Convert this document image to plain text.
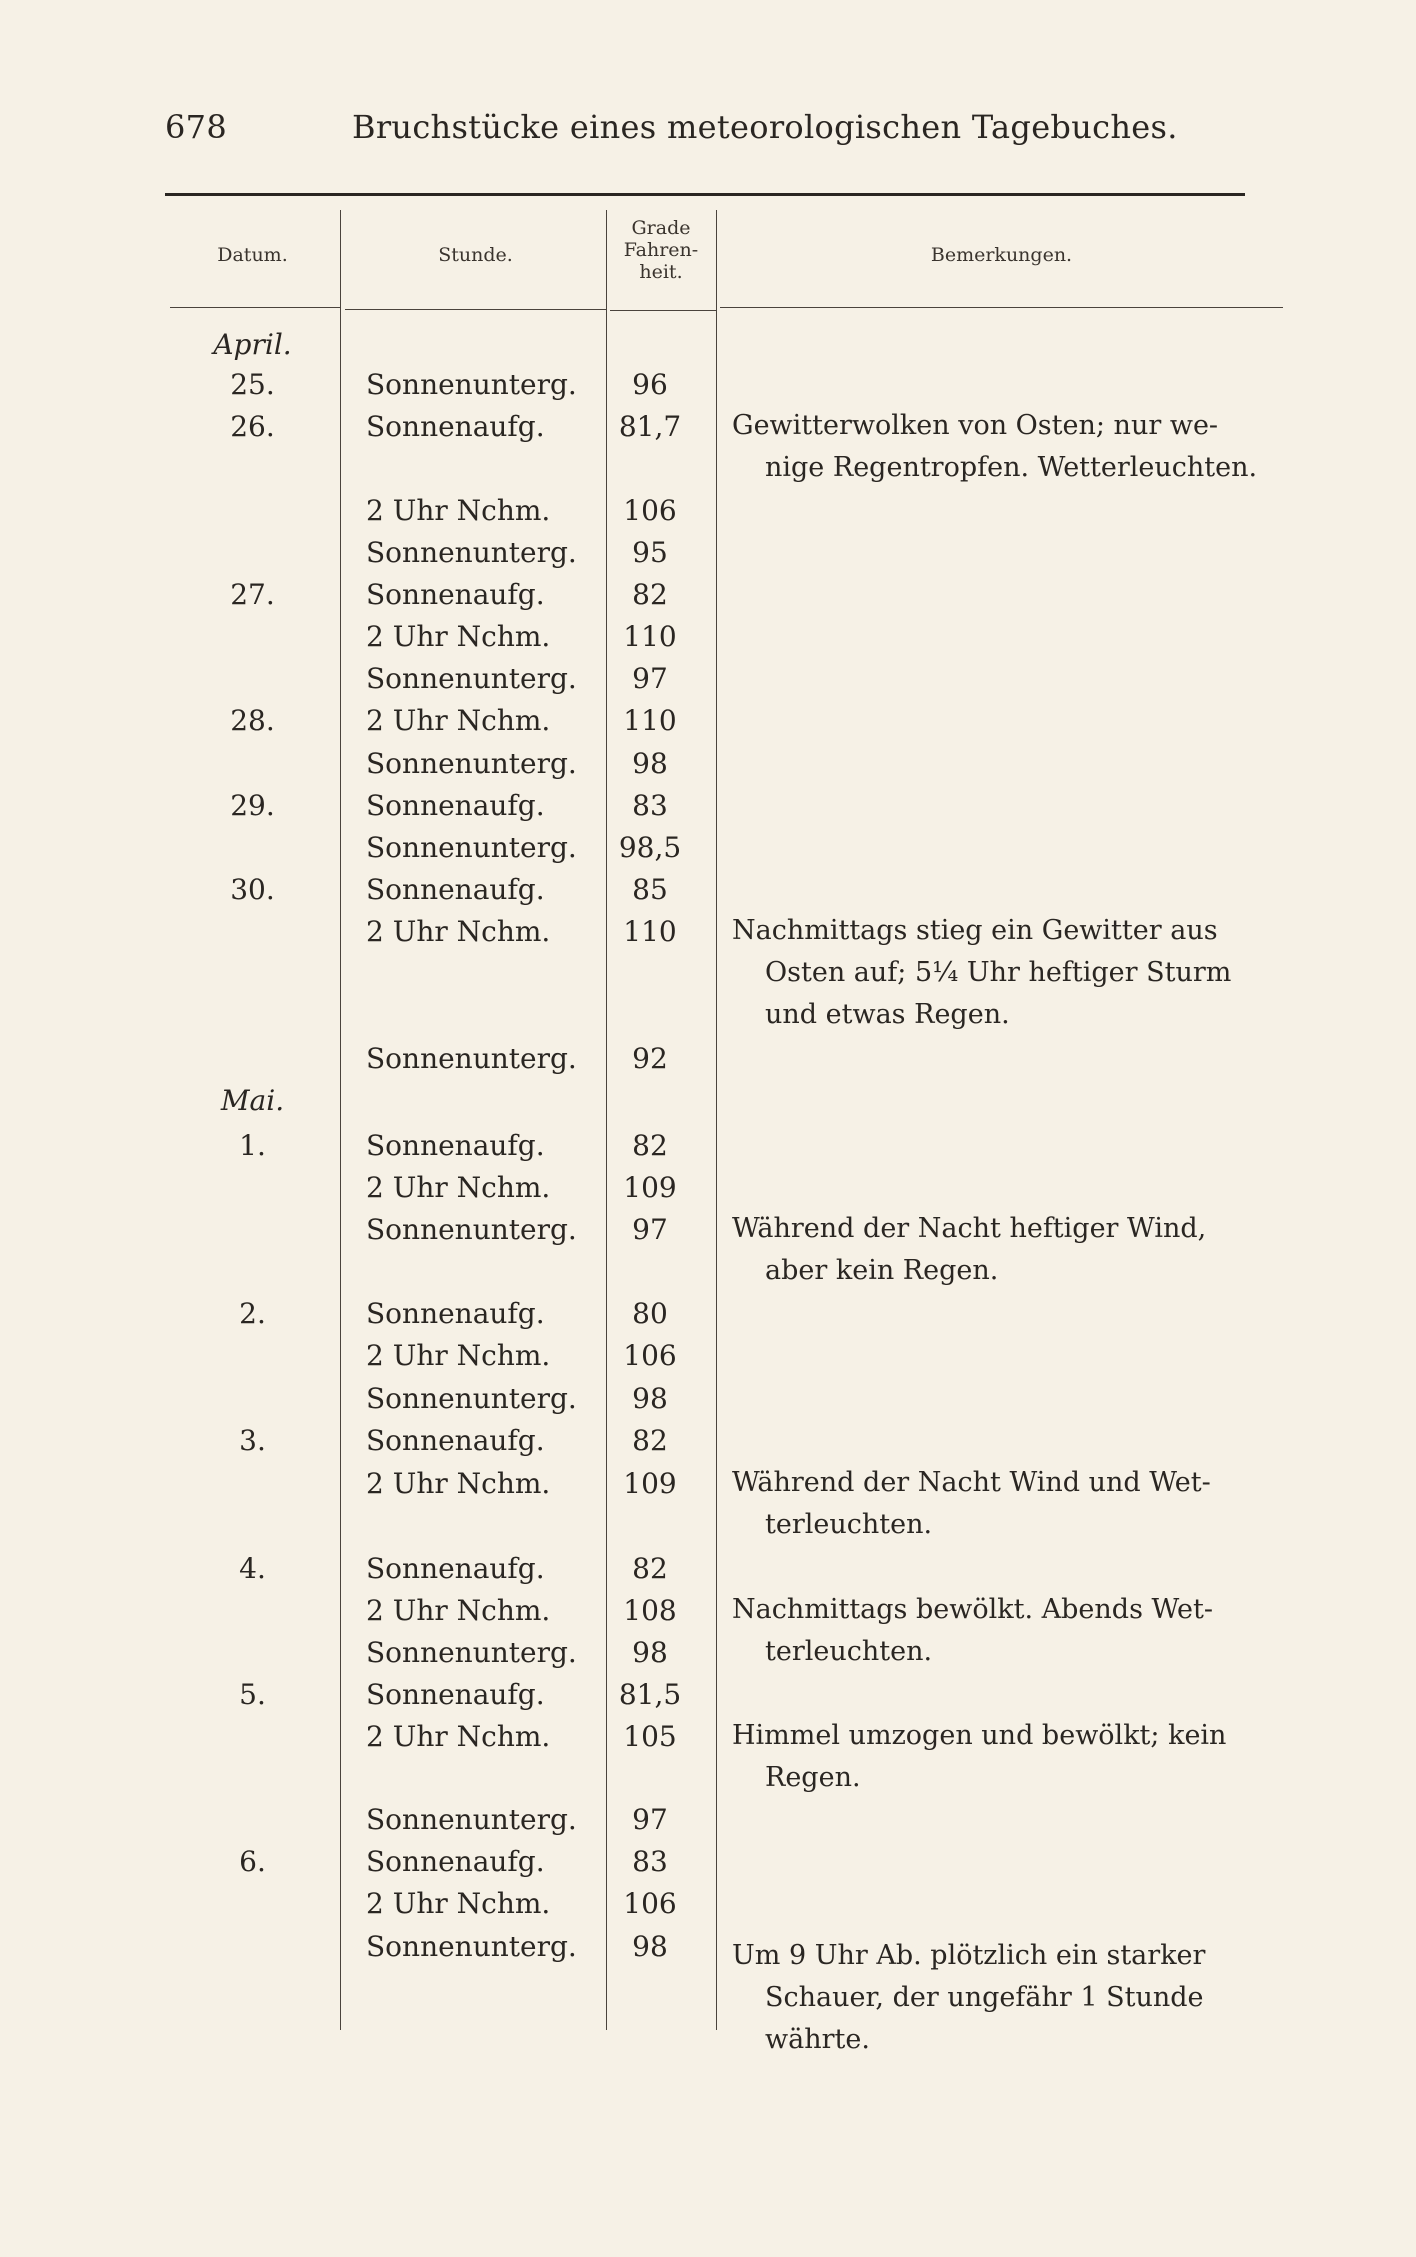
678	Bruchstücke eines meteorologischen Tagebuches.
Datum.	Stunde.
Grade
Fahren-
heit.
Bemerkungen.
April.
Mai.
25.
26.
27.
28.
29.
30.
1.
2.
3.
4.
5.
6.
Sonnenunterg.
Sonnenaufg.
2 Uhr Nchm.
Sonnenunterg.
Sonnenaufg.
2 Uhr Nchm.
Sonnenunterg.
2 Uhr Nchm.
Sonnenunterg.
Sonnenaufg.
Sonnenunterg.
Sonnenaufg.
2 Uhr Nchm.
Sonnenunterg.
Sonnenaufg.
2 Uhr Nchm.
Sonnenunterg.
Sonnenaufg.
2 Uhr Nchm.
Sonnenunterg.
Sonnenaufg.
2 Uhr Nchm.
Sonnenaufg.
2 Uhr Nchm.
Sonnenunterg.
Sonnenaufg.
2 Uhr Nchm.
Sonnenunterg.
Sonnenaufg.
2 Uhr Nchm.
Sonnenunterg.
96
81,7
106
95
82
110
97
110
98
83
98,5
85
110
92
82
109
97
80
106
98
82
109
82
108
98
81,5
105
97
83
106
98
Gewitterwolken von Osten; nur we-
nige Regentropfen. Wetterleuchten.
Nachmittags stieg ein Gewitter aus
Osten auf; 5¼ Uhr heftiger Sturm
und etwas Regen.
Während der Nacht heftiger Wind,
aber kein Regen.
Während der Nacht Wind und Wet-
terleuchten.
Nachmittags bewölkt. Abends Wet-
terleuchten.
Himmel umzogen und bewölkt; kein
Regen.
Um 9 Uhr Ab. plötzlich ein starker
Schauer, der ungefähr 1 Stunde
währte.
